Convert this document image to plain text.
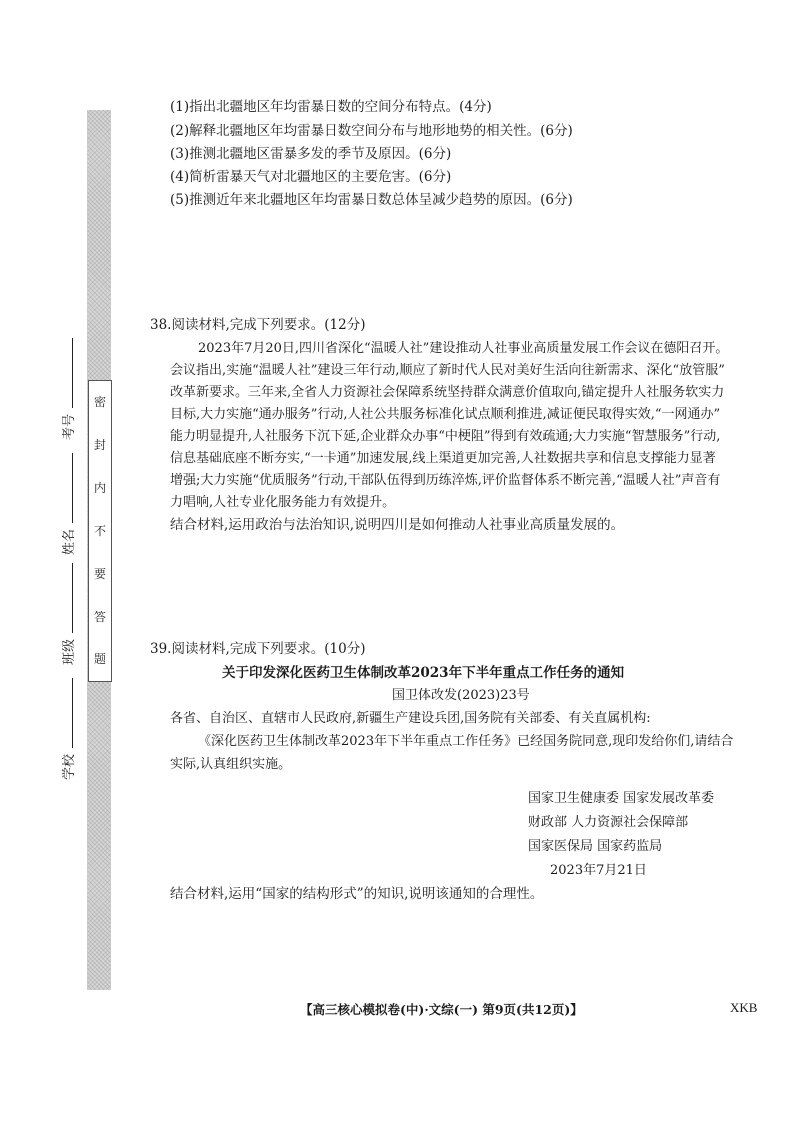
密
封
内
不
要
答
题
学校
班级
姓名
考号
(1)指出北疆地区年均雷暴日数的空间分布特点。(4分)
(2)解释北疆地区年均雷暴日数空间分布与地形地势的相关性。(6分)
(3)推测北疆地区雷暴多发的季节及原因。(6分)
(4)简析雷暴天气对北疆地区的主要危害。(6分)
(5)推测近年来北疆地区年均雷暴日数总体呈减少趋势的原因。(6分)
38.阅读材料,完成下列要求。(12分)
2023年7月20日,四川省深化“温暖人社”建设推动人社事业高质量发展工作会议在德阳召开。
会议指出,实施“温暖人社”建设三年行动,顺应了新时代人民对美好生活向往新需求、深化“放管服”
改革新要求。三年来,全省人力资源社会保障系统坚持群众满意价值取向,锚定提升人社服务软实力
目标,大力实施“通办服务”行动,人社公共服务标准化试点顺利推进,减证便民取得实效,“一网通办”
能力明显提升,人社服务下沉下延,企业群众办事“中梗阻”得到有效疏通;大力实施“智慧服务”行动,
信息基础底座不断夯实,“一卡通”加速发展,线上渠道更加完善,人社数据共享和信息支撑能力显著
增强;大力实施“优质服务”行动,干部队伍得到历练淬炼,评价监督体系不断完善,“温暖人社”声音有
力唱响,人社专业化服务能力有效提升。
结合材料,运用政治与法治知识,说明四川是如何推动人社事业高质量发展的。
39.阅读材料,完成下列要求。(10分)
关于印发深化医药卫生体制改革2023年下半年重点工作任务的通知
国卫体改发(2023)23号
各省、自治区、直辖市人民政府,新疆生产建设兵团,国务院有关部委、有关直属机构:
《深化医药卫生体制改革2023年下半年重点工作任务》已经国务院同意,现印发给你们,请结合
实际,认真组织实施。
国家卫生健康委 国家发展改革委
财政部 人力资源社会保障部
国家医保局 国家药监局
2023年7月21日
结合材料,运用“国家的结构形式”的知识,说明该通知的合理性。
【高三核心模拟卷(中)·文综(一) 第9页(共12页)】	XKB
